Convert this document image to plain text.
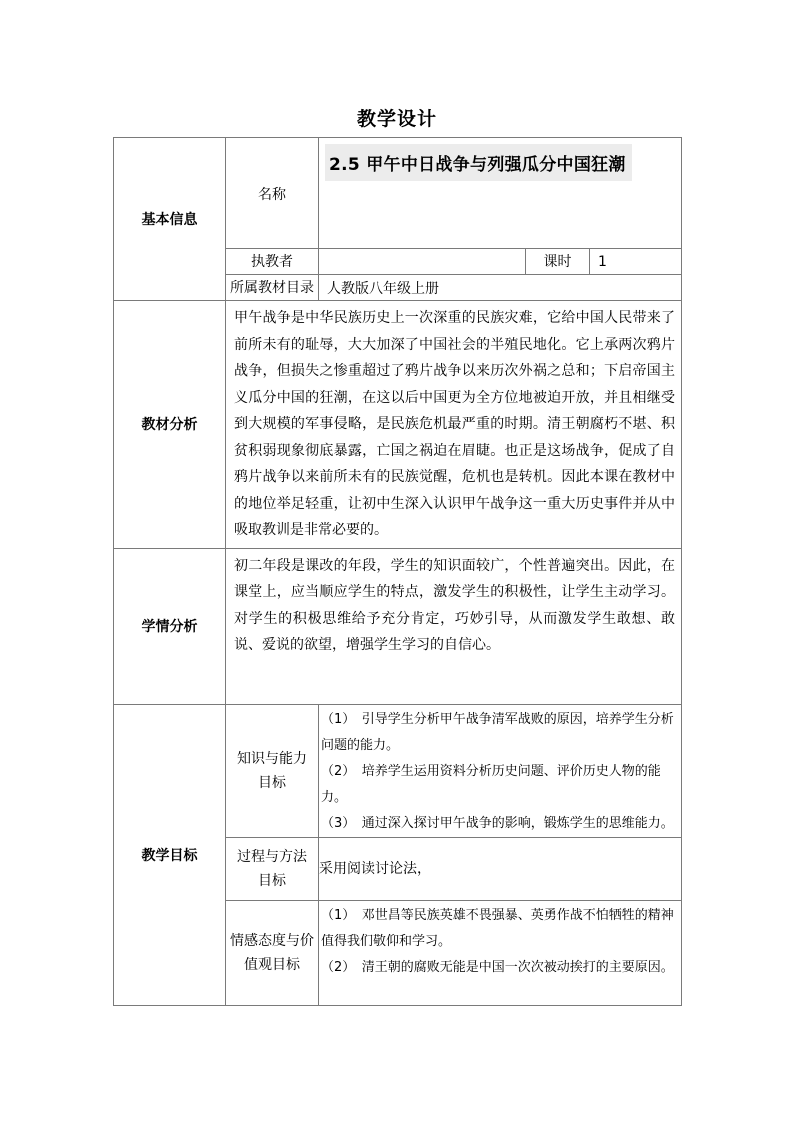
教学设计
基本信息	名称	2.5 甲午中日战争与列强瓜分中国狂潮		
	执教者		课时	1
	所属教材目录	人教版八年级上册		
教材分析	甲午战争是中华民族历史上一次深重的民族灾难，它给中国人民带来了前所未有的耻辱，大大加深了中国社会的半殖民地化。它上承两次鸦片战争，但损失之惨重超过了鸦片战争以来历次外祸之总和；下启帝国主义瓜分中国的狂潮，在这以后中国更为全方位地被迫开放，并且相继受到大规模的军事侵略，是民族危机最严重的时期。清王朝腐朽不堪、积贫积弱现象彻底暴露，亡国之祸迫在眉睫。也正是这场战争，促成了自鸦片战争以来前所未有的民族觉醒，危机也是转机。因此本课在教材中的地位举足轻重，让初中生深入认识甲午战争这一重大历史事件并从中吸取教训是非常必要的。			
学情分析	初二年段是课改的年段，学生的知识面较广，个性普遍突出。因此，在课堂上，应当顺应学生的特点，激发学生的积极性，让学生主动学习。对学生的积极思维给予充分肯定，巧妙引导，从而激发学生敢想、敢说、爱说的欲望，增强学生学习的自信心。			
教学目标	知识与能力目标	（1）　引导学生分析甲午战争清军战败的原因，培养学生分析问题的能力。
（2）　培养学生运用资料分析历史问题、评价历史人物的能力。
（3）　通过深入探讨甲午战争的影响，锻炼学生的思维能力。		

	过程与方法目标	采用阅读讨论法，		
	情感态度与价值观目标	（1）　邓世昌等民族英雄不畏强暴、英勇作战不怕牺牲的精神值得我们敬仰和学习。
（2）　清王朝的腐败无能是中国一次次被动挨打的主要原因。		
